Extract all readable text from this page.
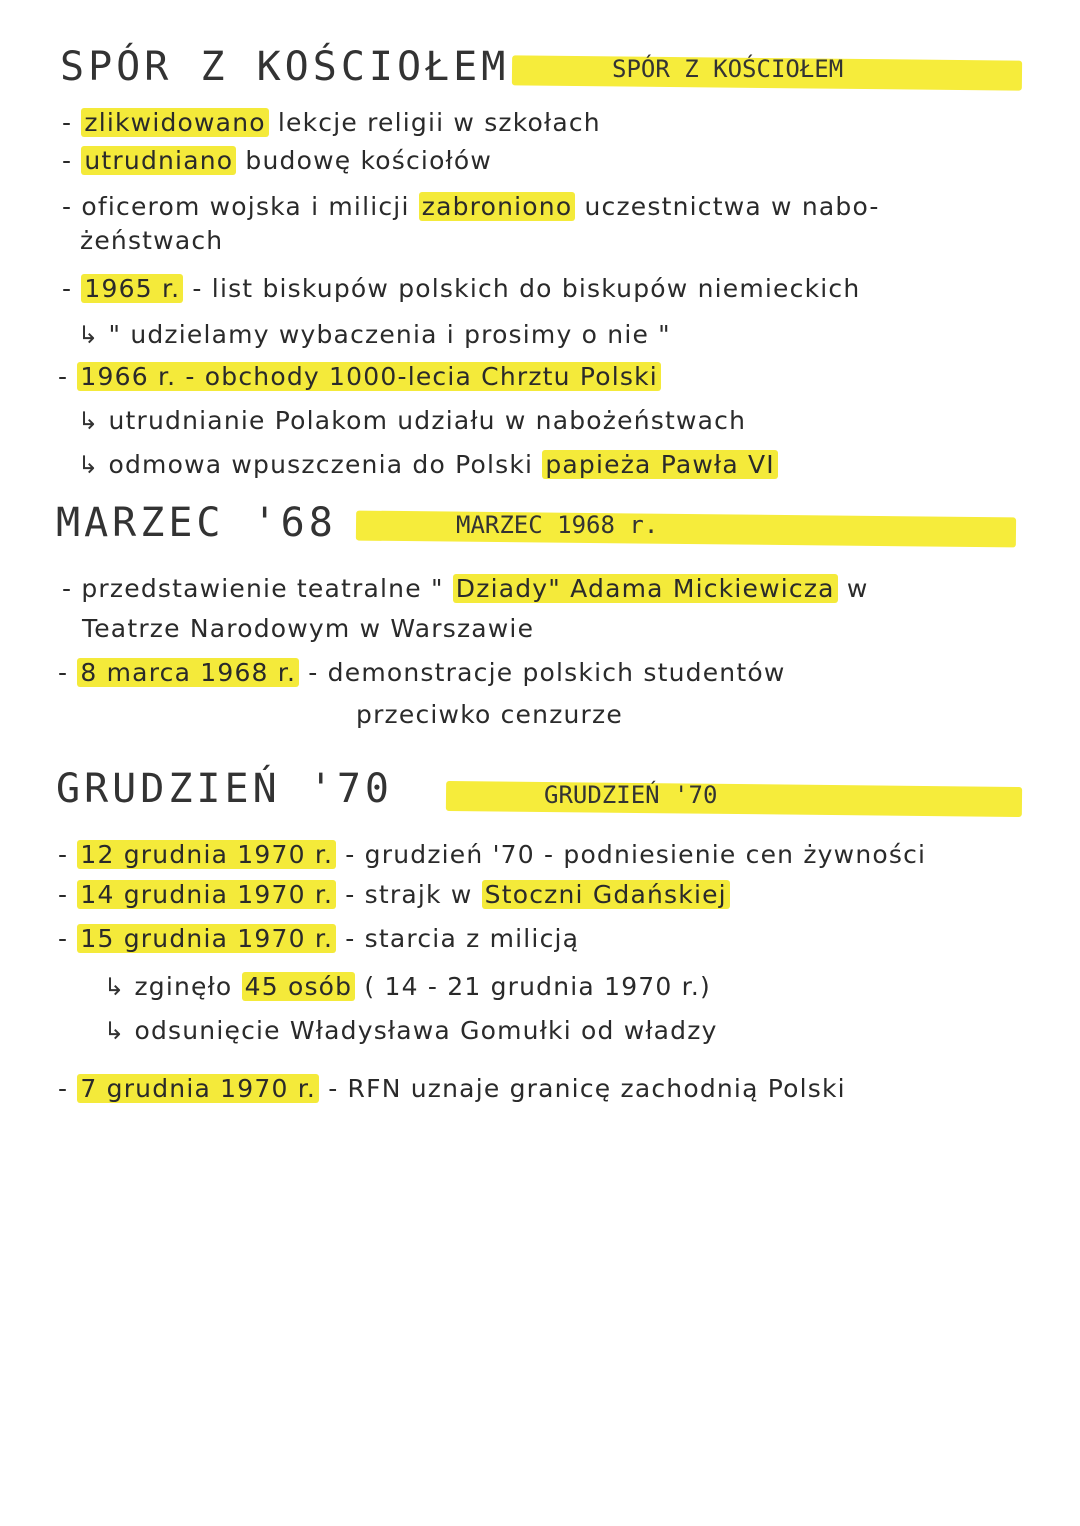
SPÓR Z KOŚCIOŁEM	SPÓR Z KOŚCIOŁEM
- zlikwidowano lekcje religii w szkołach
- utrudniano budowę kościołów
- oficerom wojska i milicji zabroniono uczestnictwa w nabo-
żeństwach
- 1965 r. - list biskupów polskich do biskupów niemieckich
↳ " udzielamy wybaczenia i prosimy o nie "
- 1966 r. - obchody 1000-lecia Chrztu Polski
↳ utrudnianie Polakom udziału w nabożeństwach
↳ odmowa wpuszczenia do Polski papieża Pawła VI
MARZEC '68	MARZEC 1968 r.
- przedstawienie teatralne " Dziady" Adama Mickiewicza w
Teatrze Narodowym w Warszawie
- 8 marca 1968 r. - demonstracje polskich studentów
przeciwko cenzurze
GRUDZIEŃ '70	GRUDZIEŃ '70
- 12 grudnia 1970 r. - grudzień '70 - podniesienie cen żywności
- 14 grudnia 1970 r. - strajk w Stoczni Gdańskiej
- 15 grudnia 1970 r. - starcia z milicją
↳ zginęło 45 osób ( 14 - 21 grudnia 1970 r.)
↳ odsunięcie Władysława Gomułki od władzy
- 7 grudnia 1970 r. - RFN uznaje granicę zachodnią Polski
